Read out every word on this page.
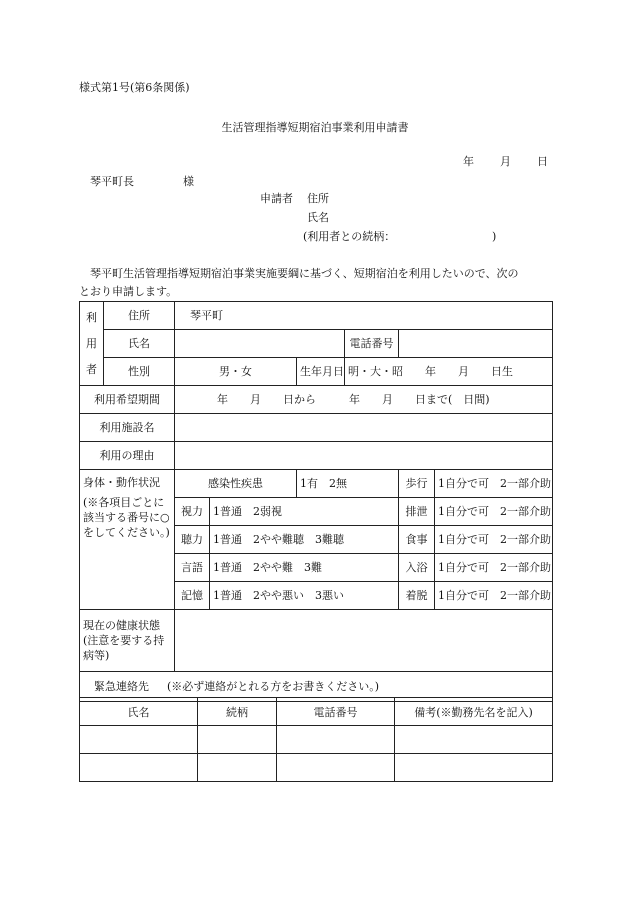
様式第1号(第6条関係)
生活管理指導短期宿泊事業利用申請書
年 月 日
琴平町長	様
申請者 住所
氏名
(利用者との続柄：	)
琴平町生活管理指導短期宿泊事業実施要綱に基づく、短期宿泊を利用したいので、次の
とおり申請します。
利
用
者	住所	琴平町					
	氏名				電話番号		
	性別	男・女		生年月日	明・大・昭　　年　　月　　日生		
利用希望期間		年　　月　　日から　　　年　　月　　日まで(　日間)					
利用施設名							
利用の理由							

身体・動作状況
(※各項目ごとに該当する番号に○をしてください。)		感染性疾患		1有　2無		歩行	1自分で可　2一部介助
		視力	1普通　2弱視			排泄	1自分で可　2一部介助
		聴力	1普通　2やや難聴　3難聴			食事	1自分で可　2一部介助
		言語	1普通　2やや難　3難			入浴	1自分で可　2一部介助
		記憶	1普通　2やや悪い　3悪い			着脱	1自分で可　2一部介助
現在の健康状態(注意を要する持病等)							
緊急連絡先 (※必ず連絡がとれる方をお書きください。)							
氏名	続柄	電話番号	備考(※勤務先名を記入)
